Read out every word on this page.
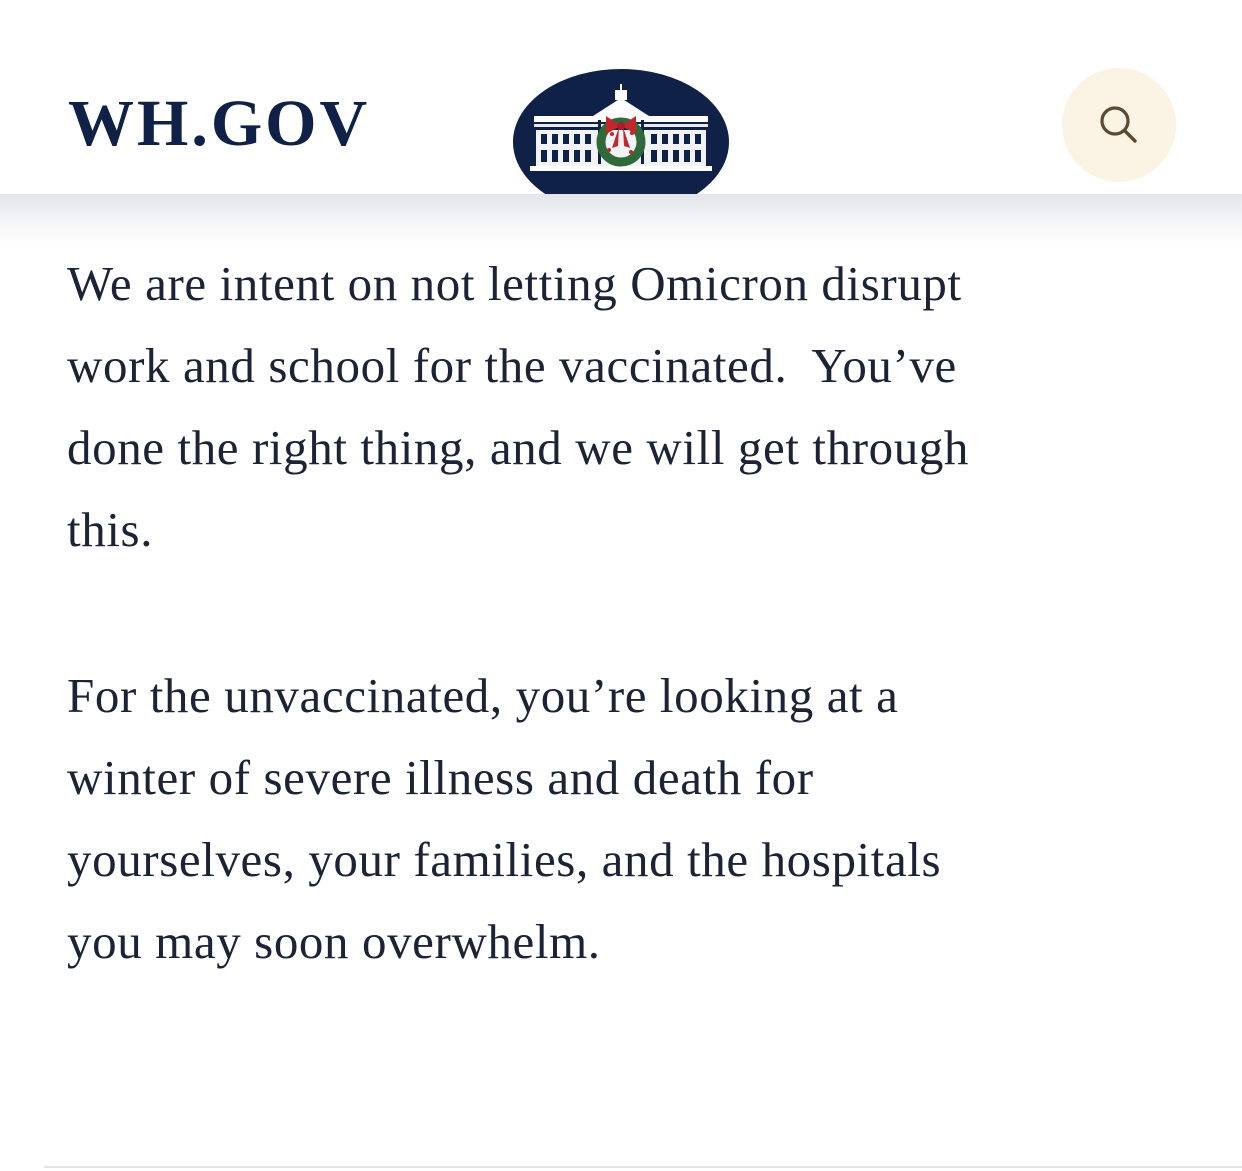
WH.GOV

We are intent on not letting Omicron disrupt
work and school for the vaccinated.  You’ve
done the right thing, and we will get through
this.

For the unvaccinated, you’re looking at a
winter of severe illness and death for
yourselves, your families, and the hospitals
you may soon overwhelm.
